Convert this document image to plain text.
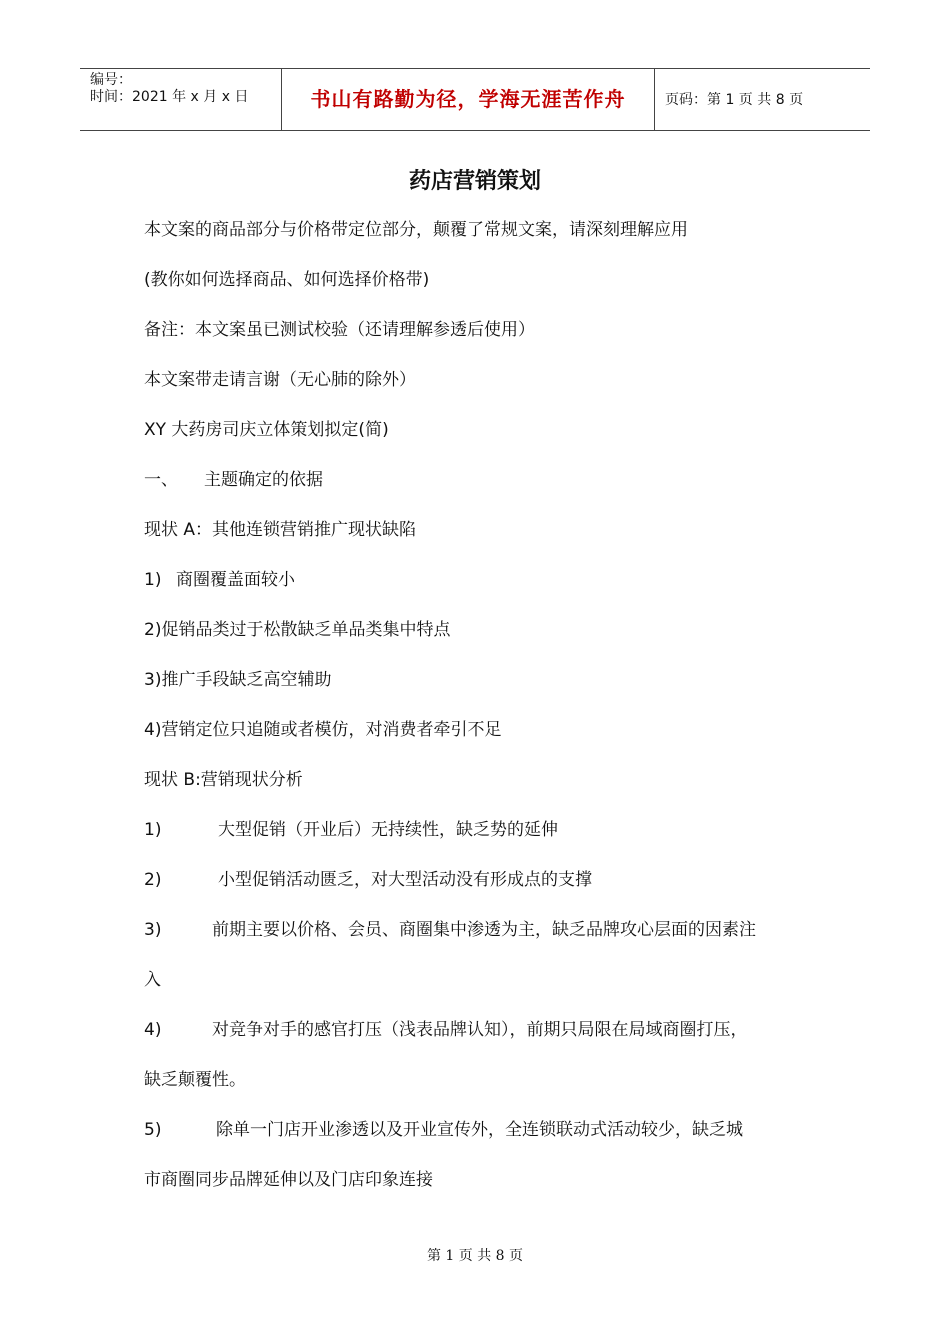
编号：
时间：2021 年 x 月 x 日	书山有路勤为径，学海无涯苦作舟	页码：第 1 页 共 8 页
药店营销策划
本文案的商品部分与价格带定位部分，颠覆了常规文案，请深刻理解应用
(教你如何选择商品、如何选择价格带)
备注：本文案虽已测试校验（还请理解参透后使用）
本文案带走请言谢（无心肺的除外）
XY 大药房司庆立体策划拟定(简)
一、 主题确定的依据
现状 A：其他连锁营销推广现状缺陷
1) 商圈覆盖面较小
2)促销品类过于松散缺乏单品类集中特点
3)推广手段缺乏高空辅助
4)营销定位只追随或者模仿，对消费者牵引不足
现状 B:营销现状分析
1)	大型促销（开业后）无持续性，缺乏势的延伸
2)	小型促销活动匮乏，对大型活动没有形成点的支撑
3)	前期主要以价格、会员、商圈集中渗透为主，缺乏品牌攻心层面的因素注
入
4)	对竞争对手的感官打压（浅表品牌认知），前期只局限在局域商圈打压，
缺乏颠覆性。
5)	除单一门店开业渗透以及开业宣传外，全连锁联动式活动较少，缺乏城
市商圈同步品牌延伸以及门店印象连接
第 1 页 共 8 页
